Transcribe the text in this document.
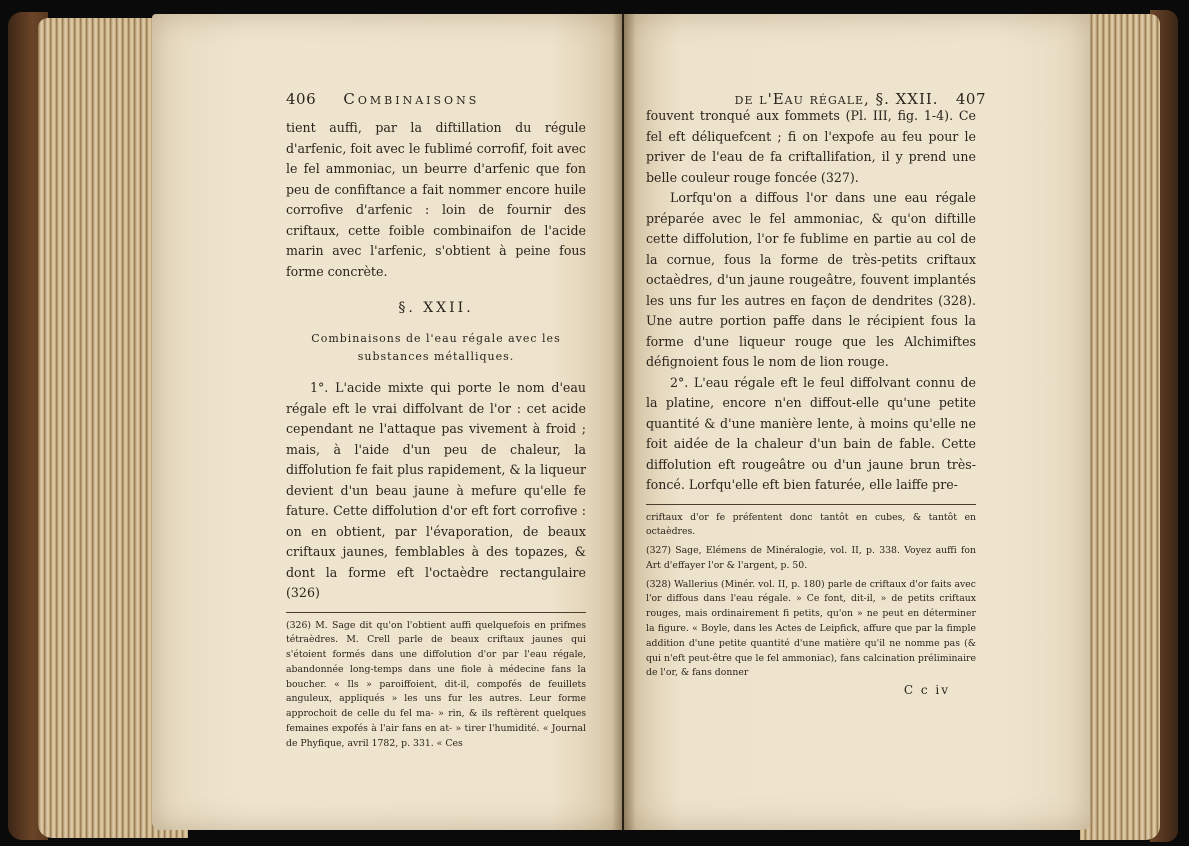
406 Combinaisons

tient auffi, par la diftillation du régule d'arfenic, foit avec le fublimé corrofif, foit avec le fel ammoniac, un beurre d'arfenic que fon peu de confiftance a fait nommer encore huile corrofive d'arfenic : loin de fournir des criftaux, cette foible combinaifon de l'acide marin avec l'arfenic, s'obtient à peine fous forme concrète.

§. XXII.
Combinaisons de l'eau régale avec les substances métalliques.

1°. L'acide mixte qui porte le nom d'eau régale eft le vrai diffolvant de l'or : cet acide cependant ne l'attaque pas vivement à froid ; mais, à l'aide d'un peu de chaleur, la diffolution fe fait plus rapidement, & la liqueur devient d'un beau jaune à mefure qu'elle fe fature. Cette diffolution d'or eft fort corrofive : on en obtient, par l'évaporation, de beaux criftaux jaunes, femblables à des topazes, & dont la forme eft l'octaèdre rectangulaire (326)

(326) M. Sage dit qu'on l'obtient auffi quelquefois en prifmes tétraèdres. M. Crell parle de beaux criftaux jaunes qui s'étoient formés dans une diffolution d'or par l'eau régale, abandonnée long-temps dans une fiole à médecine fans la boucher. « Ils » paroiffoient, dit-il, compofés de feuillets anguleux, appliqués » les uns fur les autres. Leur forme approchoit de celle du fel ma- » rin, & ils reftèrent quelques femaines expofés à l'air fans en at- » tirer l'humidité. « Journal de Phyfique, avril 1782, p. 331. « Ces

de l'Eau régale, §. XXII. 407

fouvent tronqué aux fommets (Pl. III, fig. 1-4). Ce fel eft déliquefcent ; fi on l'expofe au feu pour le priver de l'eau de fa criftallifation, il y prend une belle couleur rouge foncée (327).

Lorfqu'on a diffous l'or dans une eau régale préparée avec le fel ammoniac, & qu'on diftille cette diffolution, l'or fe fublime en partie au col de la cornue, fous la forme de très-petits criftaux octaèdres, d'un jaune rougeâtre, fouvent implantés les uns fur les autres en façon de dendrites (328). Une autre portion paffe dans le récipient fous la forme d'une liqueur rouge que les Alchimiftes défignoient fous le nom de lion rouge.

2°. L'eau régale eft le feul diffolvant connu de la platine, encore n'en diffout-elle qu'une petite quantité & d'une manière lente, à moins qu'elle ne foit aidée de la chaleur d'un bain de fable. Cette diffolution eft rougeâtre ou d'un jaune brun très-foncé. Lorfqu'elle eft bien faturée, elle laiffe pre-

criftaux d'or fe préfentent donc tantôt en cubes, & tantôt en octaèdres.

(327) Sage, Elémens de Minéralogie, vol. II, p. 338. Voyez auffi fon Art d'effayer l'or & l'argent, p. 50.

(328) Wallerius (Minér. vol. II, p. 180) parle de criftaux d'or faits avec l'or diffous dans l'eau régale. » Ce font, dit-il, » de petits criftaux rouges, mais ordinairement fi petits, qu'on » ne peut en déterminer la figure. « Boyle, dans les Actes de Leipfick, affure que par la fimple addition d'une petite quantité d'une matière qu'il ne nomme pas (& qui n'eft peut-être que le fel ammoniac), fans calcination préliminaire de l'or, & fans donner

C c iv
